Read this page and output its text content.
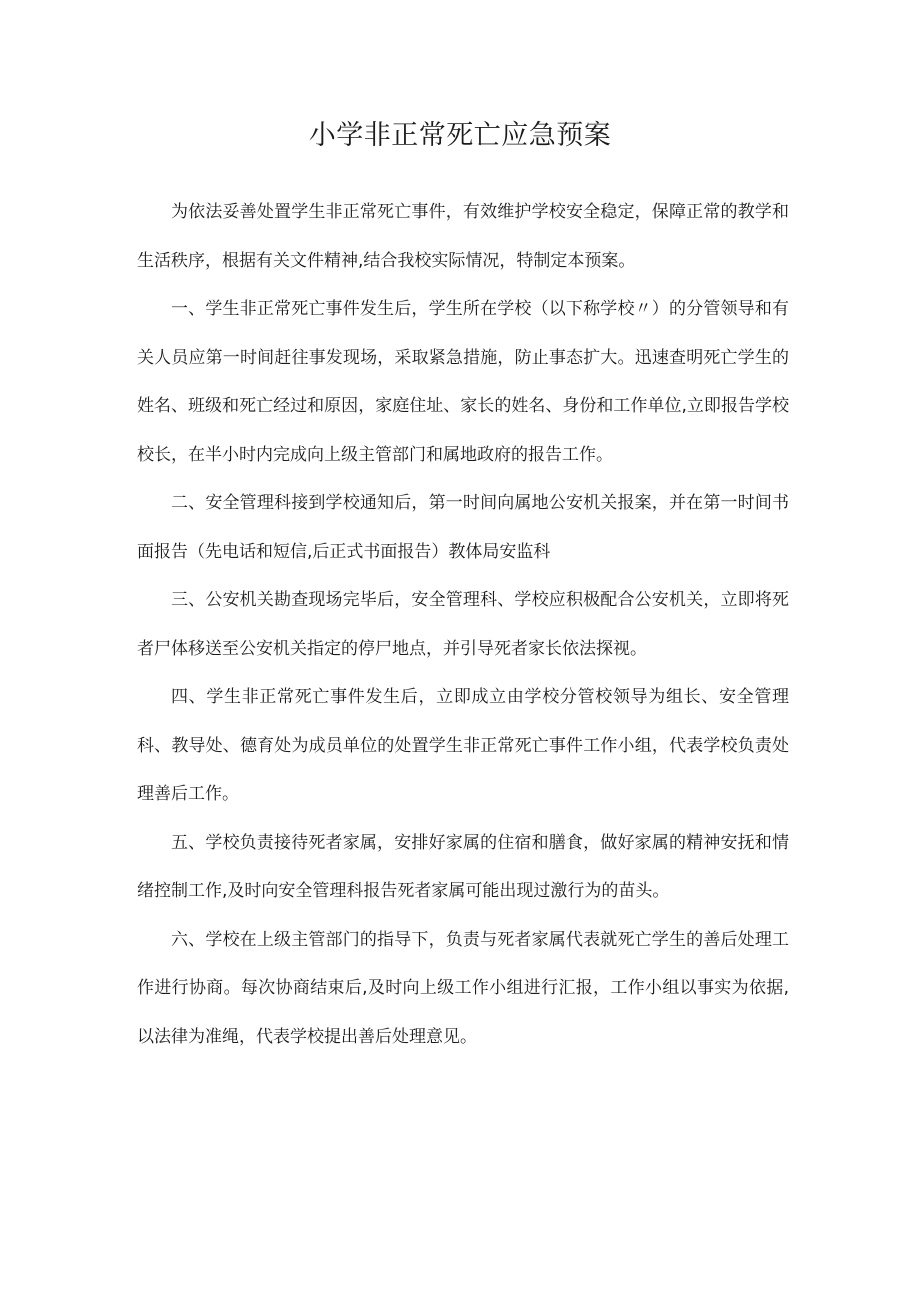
小学非正常死亡应急预案

为依法妥善处置学生非正常死亡事件，有效维护学校安全稳定，保障正常的教学和生活秩序，根据有关文件精神,结合我校实际情况，特制定本预案。

一、学生非正常死亡事件发生后，学生所在学校（以下称学校〃）的分管领导和有关人员应第一时间赶往事发现场，采取紧急措施，防止事态扩大。迅速查明死亡学生的姓名、班级和死亡经过和原因，家庭住址、家长的姓名、身份和工作单位,立即报告学校校长，在半小时内完成向上级主管部门和属地政府的报告工作。

二、安全管理科接到学校通知后，第一时间向属地公安机关报案，并在第一时间书面报告（先电话和短信,后正式书面报告）教体局安监科

三、公安机关勘查现场完毕后，安全管理科、学校应积极配合公安机关，立即将死者尸体移送至公安机关指定的停尸地点，并引导死者家长依法探视。

四、学生非正常死亡事件发生后，立即成立由学校分管校领导为组长、安全管理科、教导处、德育处为成员单位的处置学生非正常死亡事件工作小组，代表学校负责处理善后工作。

五、学校负责接待死者家属，安排好家属的住宿和膳食，做好家属的精神安抚和情绪控制工作,及时向安全管理科报告死者家属可能出现过激行为的苗头。

六、学校在上级主管部门的指导下，负责与死者家属代表就死亡学生的善后处理工作进行协商。每次协商结束后,及时向上级工作小组进行汇报，工作小组以事实为依据,以法律为准绳，代表学校提出善后处理意见。
